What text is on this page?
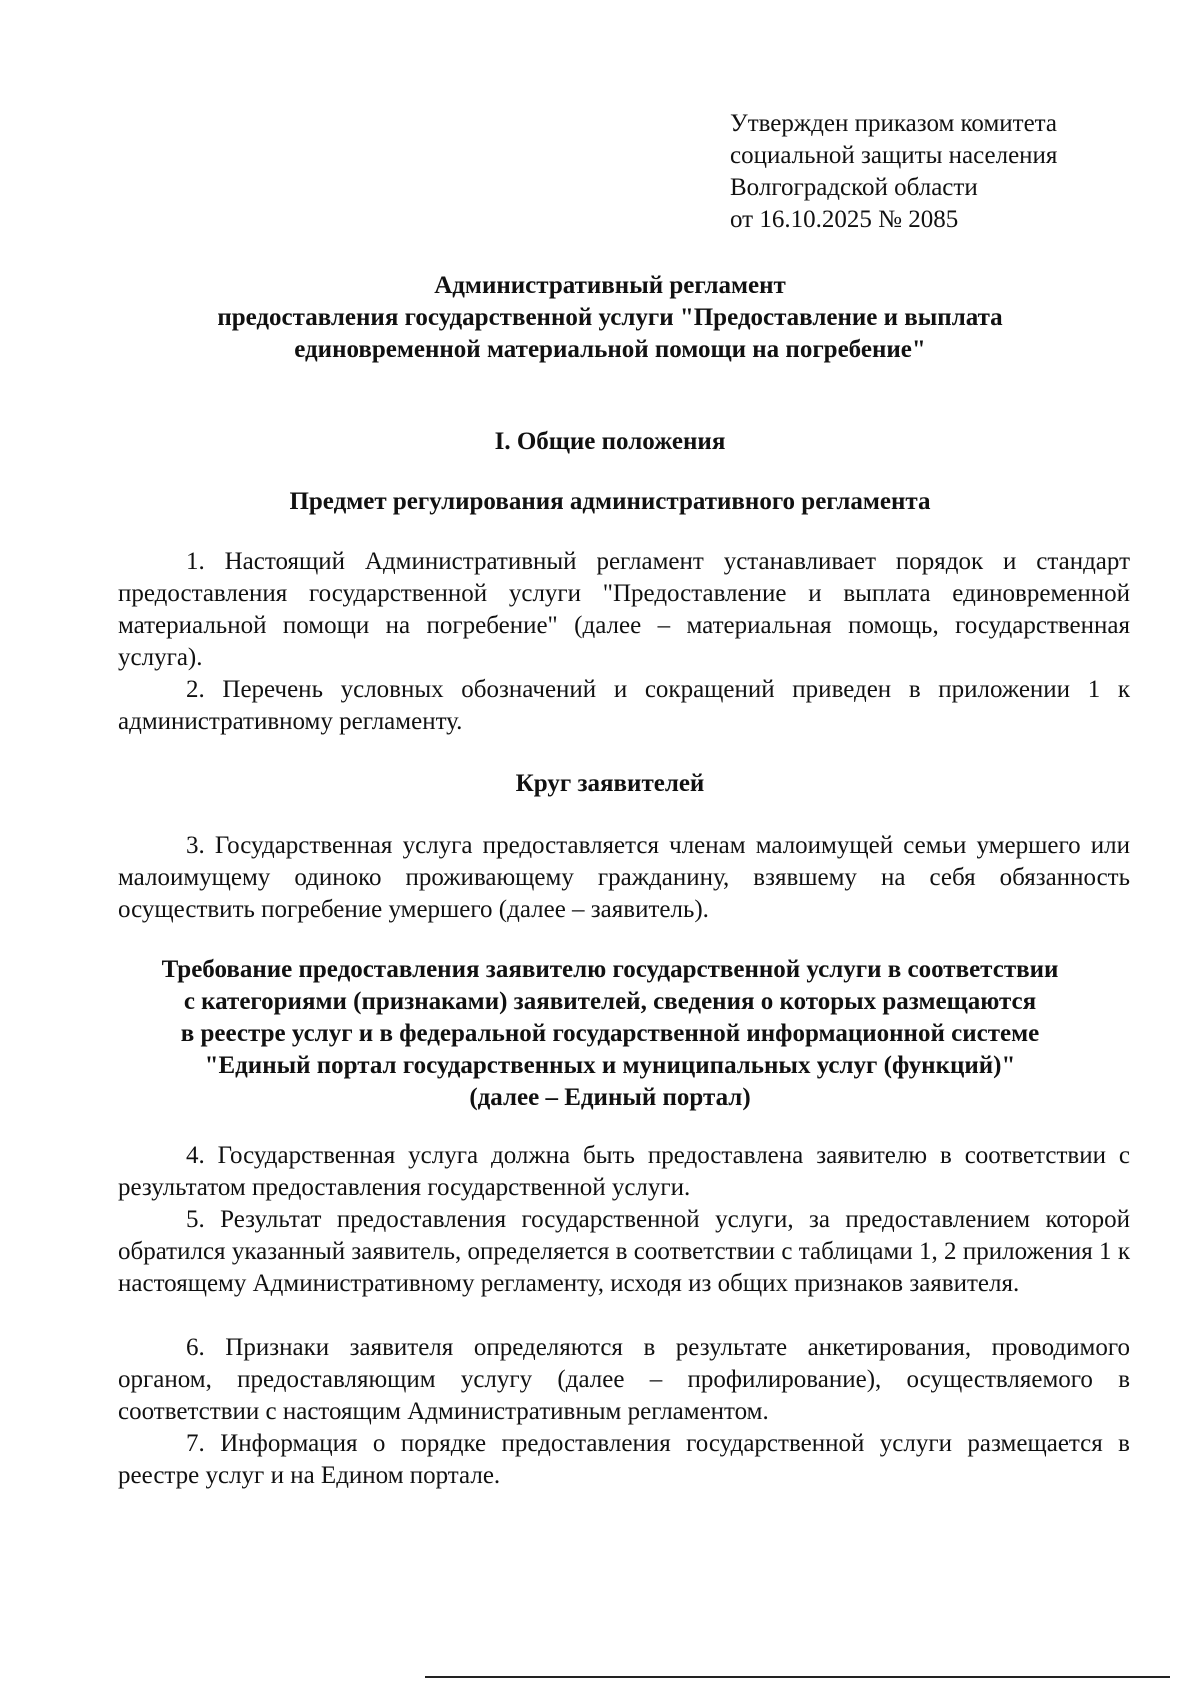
Утвержден приказом комитета
социальной защиты населения
Волгоградской области
от 16.10.2025 № 2085
Административный регламент
предоставления государственной услуги "Предоставление и выплата
единовременной материальной помощи на погребение"
I. Общие положения
Предмет регулирования административного регламента

1. Настоящий Административный регламент устанавливает порядок и стандарт предоставления государственной услуги "Предоставление и выплата единовременной материальной помощи на погребение" (далее – материальная помощь, государственная услуга).

2. Перечень условных обозначений и сокращений приведен в приложении 1 к административному регламенту.

Круг заявителей

3. Государственная услуга предоставляется членам малоимущей семьи умершего или малоимущему одиноко проживающему гражданину, взявшему на себя обязанность осуществить погребение умершего (далее – заявитель).

Требование предоставления заявителю государственной услуги в соответствии
с категориями (признаками) заявителей, сведения о которых размещаются
в реестре услуг и в федеральной государственной информационной системе
"Единый портал государственных и муниципальных услуг (функций)"
(далее – Единый портал)

4. Государственная услуга должна быть предоставлена заявителю в соответствии с результатом предоставления государственной услуги.

5. Результат предоставления государственной услуги, за предоставлением которой обратился указанный заявитель, определяется в соответствии с таблицами 1, 2 приложения 1 к настоящему Административному регламенту, исходя из общих признаков заявителя.

6. Признаки заявителя определяются в результате анкетирования, проводимого органом, предоставляющим услугу (далее – профилирование), осуществляемого в соответствии с настоящим Административным регламентом.

7. Информация о порядке предоставления государственной услуги размещается в реестре услуг и на Едином портале.
